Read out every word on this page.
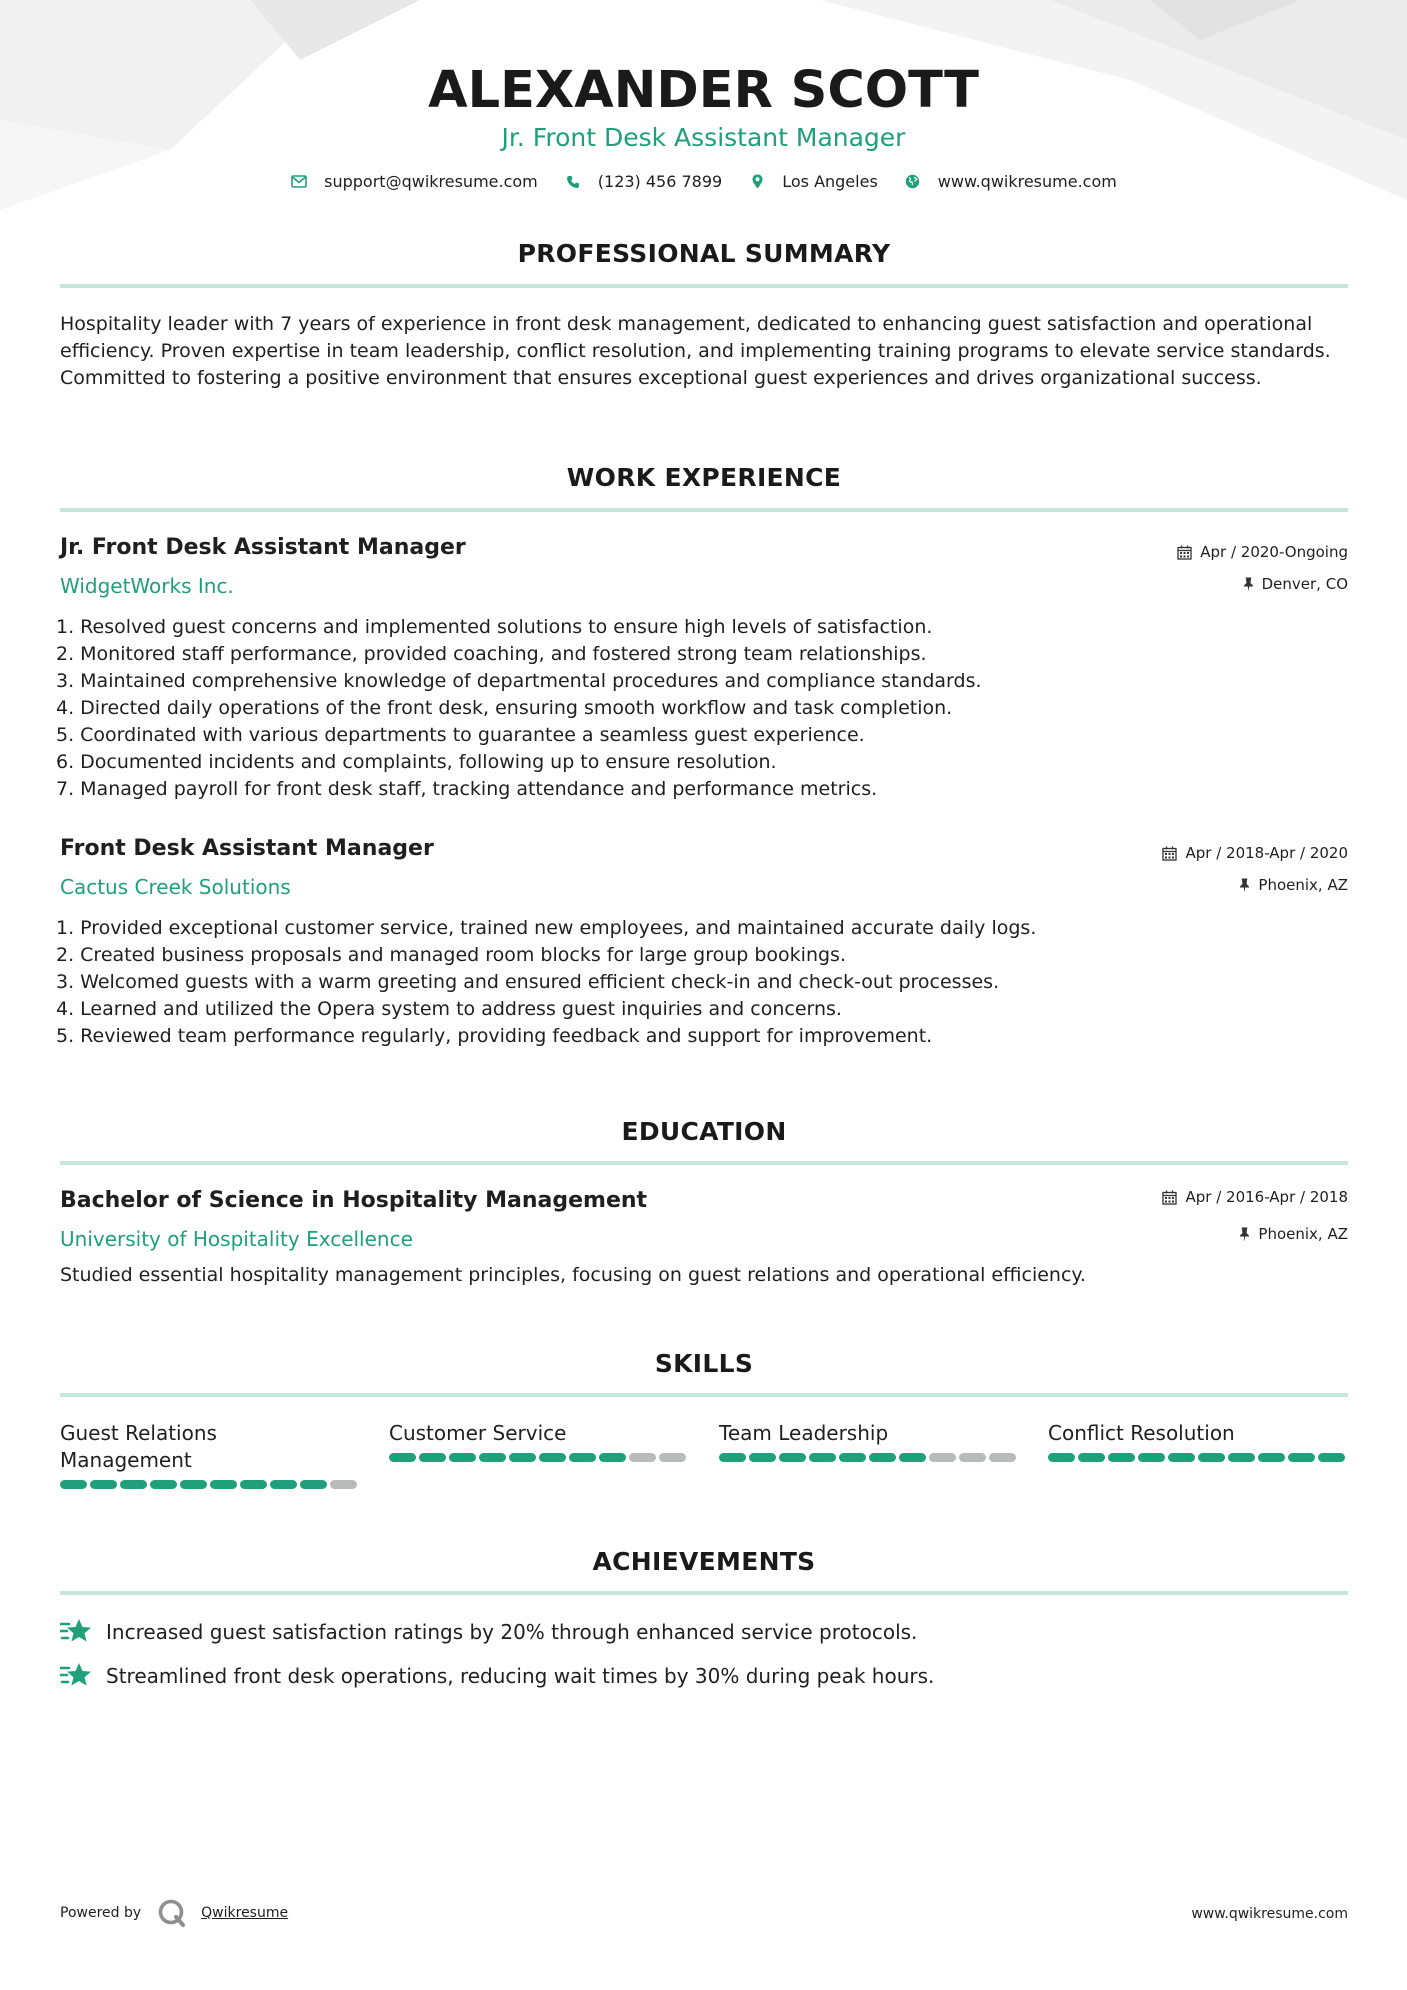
ALEXANDER SCOTT
Jr. Front Desk Assistant Manager
support@qwikresume.com	(123) 456 7899	Los Angeles	www.qwikresume.com
PROFESSIONAL SUMMARY
Hospitality leader with 7 years of experience in front desk management, dedicated to enhancing guest satisfaction and operational efficiency. Proven expertise in team leadership, conflict resolution, and implementing training programs to elevate service standards. Committed to fostering a positive environment that ensures exceptional guest experiences and drives organizational success.
WORK EXPERIENCE
Jr. Front Desk Assistant Manager
WidgetWorks Inc.
Apr / 2020-Ongoing
Denver, CO
1. Resolved guest concerns and implemented solutions to ensure high levels of satisfaction.
2. Monitored staff performance, provided coaching, and fostered strong team relationships.
3. Maintained comprehensive knowledge of departmental procedures and compliance standards.
4. Directed daily operations of the front desk, ensuring smooth workflow and task completion.
5. Coordinated with various departments to guarantee a seamless guest experience.
6. Documented incidents and complaints, following up to ensure resolution.
7. Managed payroll for front desk staff, tracking attendance and performance metrics.
Front Desk Assistant Manager
Cactus Creek Solutions
Apr / 2018-Apr / 2020
Phoenix, AZ
1. Provided exceptional customer service, trained new employees, and maintained accurate daily logs.
2. Created business proposals and managed room blocks for large group bookings.
3. Welcomed guests with a warm greeting and ensured efficient check-in and check-out processes.
4. Learned and utilized the Opera system to address guest inquiries and concerns.
5. Reviewed team performance regularly, providing feedback and support for improvement.
EDUCATION
Bachelor of Science in Hospitality Management
University of Hospitality Excellence
Apr / 2016-Apr / 2018
Phoenix, AZ
Studied essential hospitality management principles, focusing on guest relations and operational efficiency.
SKILLS
Guest Relations Management
Customer Service	Team Leadership	Conflict Resolution
ACHIEVEMENTS
Increased guest satisfaction ratings by 20% through enhanced service protocols.
Streamlined front desk operations, reducing wait times by 30% during peak hours.
Powered by	Qwikresume	www.qwikresume.com
